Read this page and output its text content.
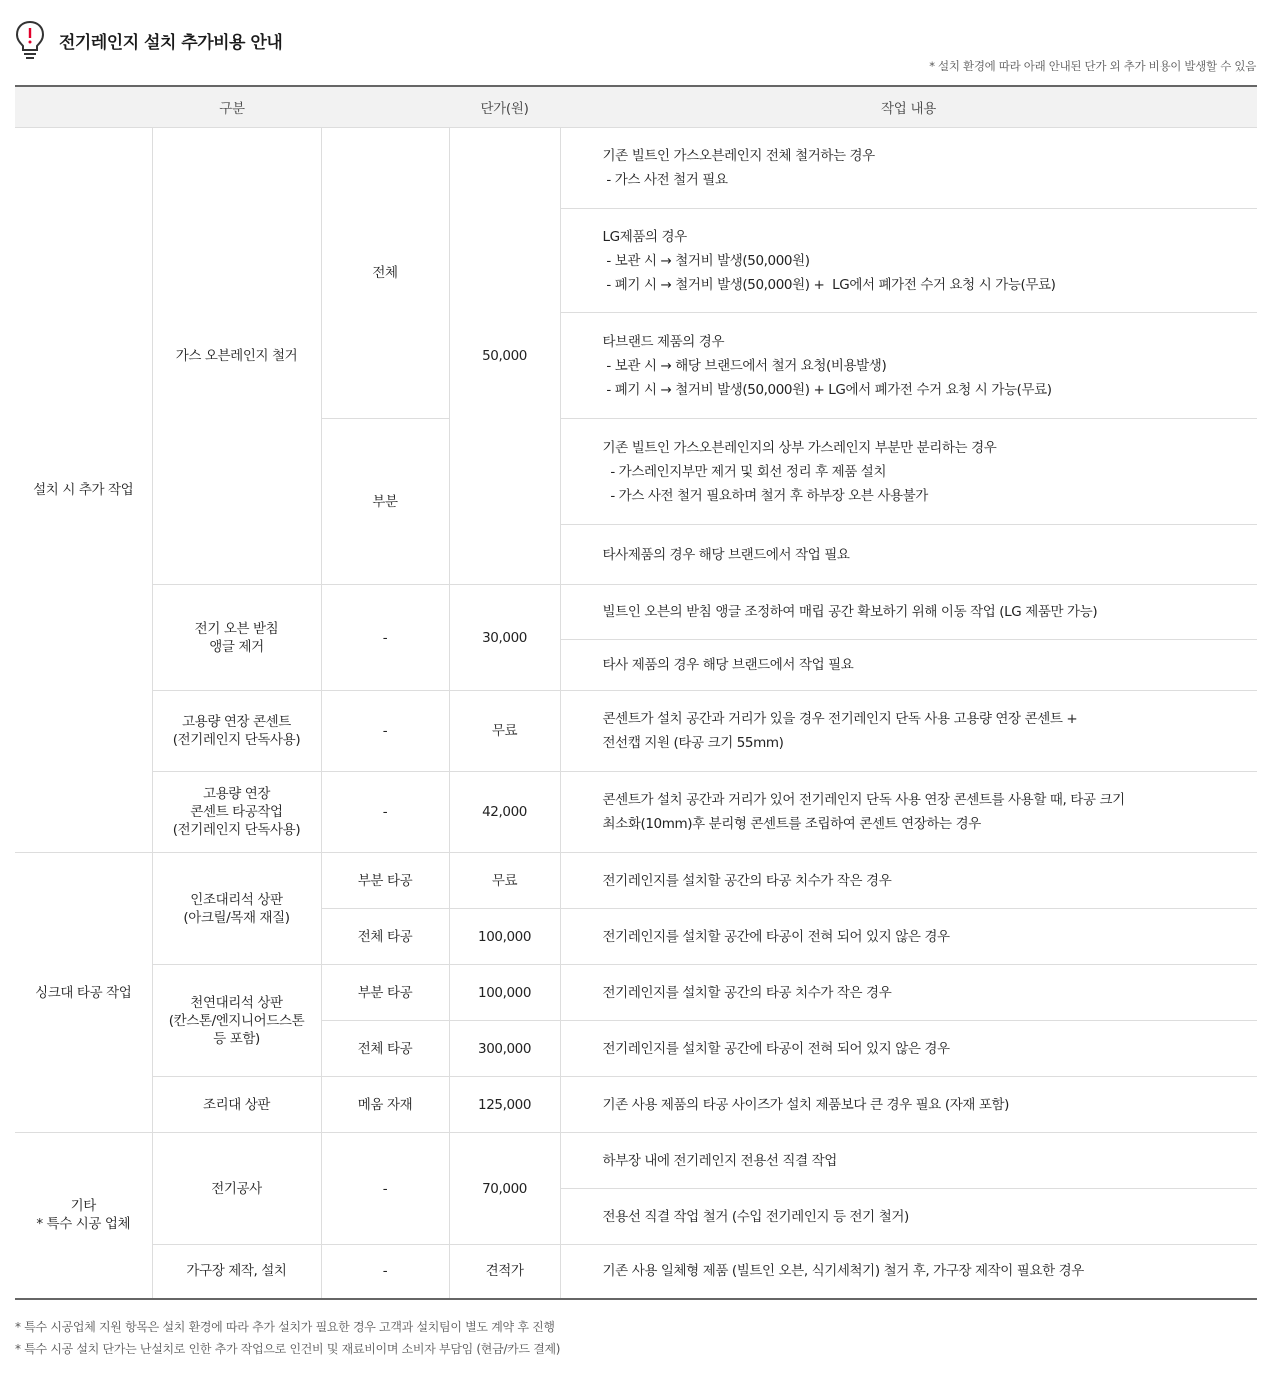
전기레인지 설치 추가비용 안내
* 설치 환경에 따라 아래 안내된 단가 외 추가 비용이 발생할 수 있음
구분			단가(원)	작업 내용
설치 시 추가 작업	가스 오븐레인지 철거	전체	50,000	기존 빌트인 가스오븐레인지 전체 철거하는 경우
- 가스 사전 철거 필요

				LG제품의 경우
- 보관 시 → 철거비 발생(50,000원)
- 폐기 시 → 철거비 발생(50,000원) +  LG에서 폐가전 수거 요청 시 가능(무료)

				타브랜드 제품의 경우
- 보관 시 → 해당 브랜드에서 철거 요청(비용발생)
- 폐기 시 → 철거비 발생(50,000원) + LG에서 폐가전 수거 요청 시 가능(무료)

		부분		기존 빌트인 가스오븐레인지의 상부 가스레인지 부분만 분리하는 경우
- 가스레인지부만 제거 및 회선 정리 후 제품 설치
- 가스 사전 철거 필요하며 철거 후 하부장 오븐 사용불가

				타사제품의 경우 해당 브랜드에서 작업 필요

	전기 오븐 받침
앵글 제거	-	30,000	빌트인 오븐의 받침 앵글 조정하여 매립 공간 확보하기 위해 이동 작업 (LG 제품만 가능)

				타사 제품의 경우 해당 브랜드에서 작업 필요

	고용량 연장 콘센트
(전기레인지 단독사용)	-	무료	콘센트가 설치 공간과 거리가 있을 경우 전기레인지 단독 사용 고용량 연장 콘센트 +
전선캡 지원 (타공 크기 55mm)

	고용량 연장
콘센트 타공작업
(전기레인지 단독사용)	-	42,000	콘센트가 설치 공간과 거리가 있어 전기레인지 단독 사용 연장 콘센트를 사용할 때, 타공 크기
최소화(10mm)후 분리형 콘센트를 조립하여 콘센트 연장하는 경우

싱크대 타공 작업	인조대리석 상판
(아크릴/목재 재질)	부분 타공	무료	전기레인지를 설치할 공간의 타공 치수가 작은 경우
		전체 타공	100,000	전기레인지를 설치할 공간에 타공이 전혀 되어 있지 않은 경우

	천연대리석 상판
(칸스톤/엔지니어드스톤
등 포함)	부분 타공	100,000	전기레인지를 설치할 공간의 타공 치수가 작은 경우
		전체 타공	300,000	전기레인지를 설치할 공간에 타공이 전혀 되어 있지 않은 경우
	조리대 상판	메움 자재	125,000	기존 사용 제품의 타공 사이즈가 설치 제품보다 큰 경우 필요 (자재 포함)

기타
* 특수 시공 업체	전기공사	-	70,000	하부장 내에 전기레인지 전용선 직결 작업
				전용선 직결 작업 철거 (수입 전기레인지 등 전기 철거)
	가구장 제작, 설치	-	견적가	기존 사용 일체형 제품 (빌트인 오븐, 식기세척기) 철거 후, 가구장 제작이 필요한 경우
* 특수 시공업체 지원 항목은 설치 환경에 따라 추가 설치가 필요한 경우 고객과 설치팀이 별도 계약 후 진행
* 특수 시공 설치 단가는 난설치로 인한 추가 작업으로 인건비 및 재료비이며 소비자 부담임 (현금/카드 결제)
